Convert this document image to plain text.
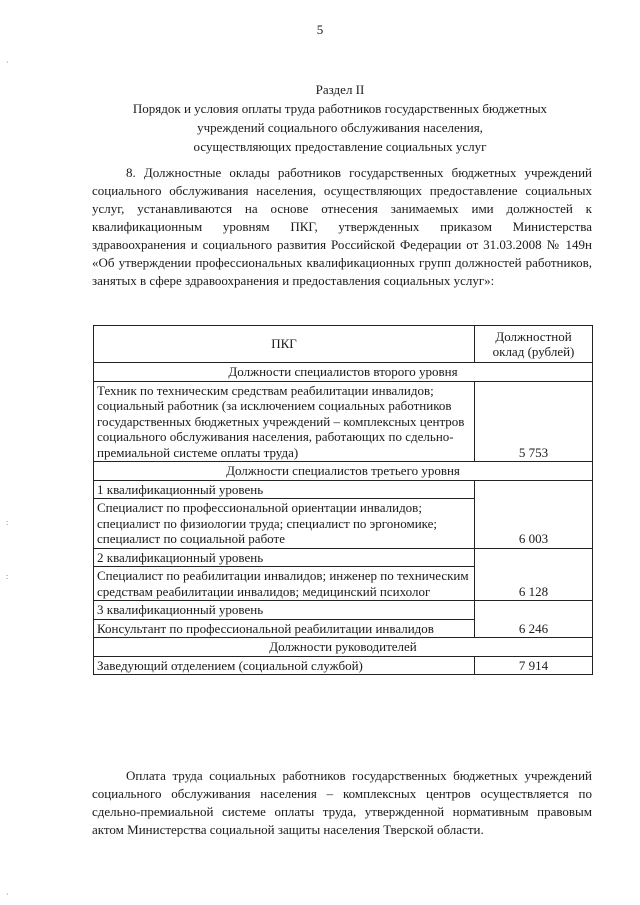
5
Раздел II
Порядок и условия оплаты труда работников государственных бюджетных
учреждений социального обслуживания населения,
осуществляющих предоставление социальных услуг
8. Должностные оклады работников государственных бюджетных учреждений социального обслуживания населения, осуществляющих предоставление социальных услуг, устанавливаются на основе отнесения занимаемых ими должностей к квалификационным уровням ПКГ, утвержденных приказом Министерства здравоохранения и социального развития Российской Федерации от 31.03.2008 № 149н «Об утверждении профессиональных квалификационных групп должностей работников, занятых в сфере здравоохранения и предоставления социальных услуг»:
ПКГ	Должностной оклад (рублей)
Должности специалистов второго уровня	
Техник по техническим средствам реабилитации инвалидов; социальный работник (за исключением социальных работников государственных бюджетных учреждений – комплексных центров социального обслуживания населения, работающих по сдельно-премиальной системе оплаты труда)	5 753
Должности специалистов третьего уровня	
1 квалификационный уровень	6 003
Специалист по профессиональной ориентации инвалидов; специалист по физиологии труда; специалист по эргономике; специалист по социальной работе	
2 квалификационный уровень	6 128
Специалист по реабилитации инвалидов; инженер по техническим средствам реабилитации инвалидов; медицинский психолог	
3 квалификационный уровень	6 246
Консультант по профессиональной реабилитации инвалидов	
Должности руководителей	
Заведующий отделением (социальной службой)	7 914
Оплата труда социальных работников государственных бюджетных учреждений социального обслуживания населения – комплексных центров осуществляется по сдельно-премиальной системе оплаты труда, утвержденной нормативным правовым актом Министерства социальной защиты населения Тверской области.
·
:
:
·
